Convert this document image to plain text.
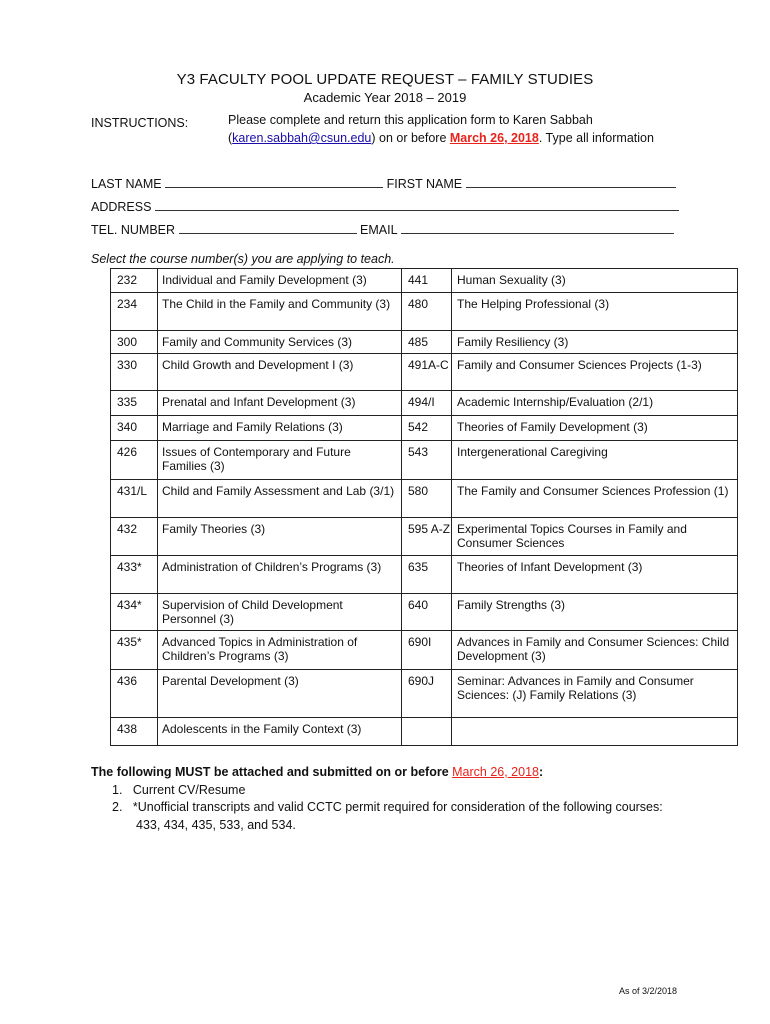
Y3 FACULTY POOL UPDATE REQUEST – FAMILY STUDIES
Academic Year 2018 – 2019
INSTRUCTIONS:	Please complete and return this application form to Karen Sabbah
(karen.sabbah@csun.edu) on or before March 26, 2018. Type all information
LAST NAME	FIRST NAME
ADDRESS
TEL. NUMBER	EMAIL
Select the course number(s) you are applying to teach.
232	Individual and Family Development (3)	441	Human Sexuality (3)

234	The Child in the Family and Community (3)	480	The Helping Professional (3)

300	Family and Community Services (3)	485	Family Resiliency (3)

330	Child Growth and Development I (3)	491A-C	Family and Consumer Sciences Projects (1-3)

335	Prenatal and Infant Development (3)	494/I	Academic Internship/Evaluation (2/1)

340	Marriage and Family Relations (3)	542	Theories of Family Development (3)

426	Issues of Contemporary and Future Families (3)	543	Intergenerational Caregiving

431/L	Child and Family Assessment and Lab (3/1)	580	The Family and Consumer Sciences Profession (1)

432	Family Theories (3)	595 A-Z	Experimental Topics Courses in Family and Consumer Sciences

433*	Administration of Children’s Programs (3)	635	Theories of Infant Development (3)

434*	Supervision of Child Development Personnel (3)	640	Family Strengths (3)

435*	Advanced Topics in Administration of Children’s Programs (3)	690I	Advances in Family and Consumer Sciences: Child Development (3)

436	Parental Development (3)	690J	Seminar: Advances in Family and Consumer Sciences: (J) Family Relations (3)

438	Adolescents in the Family Context (3)		

The following MUST be attached and submitted on or before March 26, 2018:
1. Current CV/Resume
2. *Unofficial transcripts and valid CCTC permit required for consideration of the following courses:
433, 434, 435, 533, and 534.
As of 3/2/2018
